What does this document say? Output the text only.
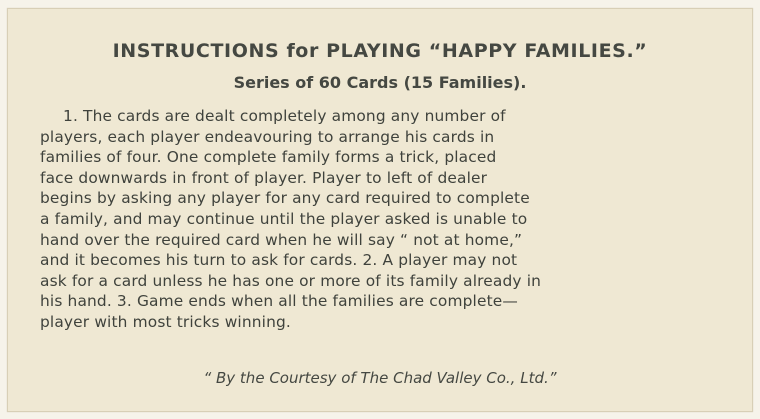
INSTRUCTIONS for PLAYING “HAPPY FAMILIES.”
Series of 60 Cards (15 Families).
1. The cards are dealt completely among any number of
players, each player endeavouring to arrange his cards in
families of four. One complete family forms a trick, placed
face downwards in front of player. Player to left of dealer
begins by asking any player for any card required to complete
a family, and may continue until the player asked is unable to
hand over the required card when he will say “ not at home,”
and it becomes his turn to ask for cards. 2. A player may not
ask for a card unless he has one or more of its family already in
his hand. 3. Game ends when all the families are complete—
player with most tricks winning.
“ By the Courtesy of The Chad Valley Co., Ltd.”
